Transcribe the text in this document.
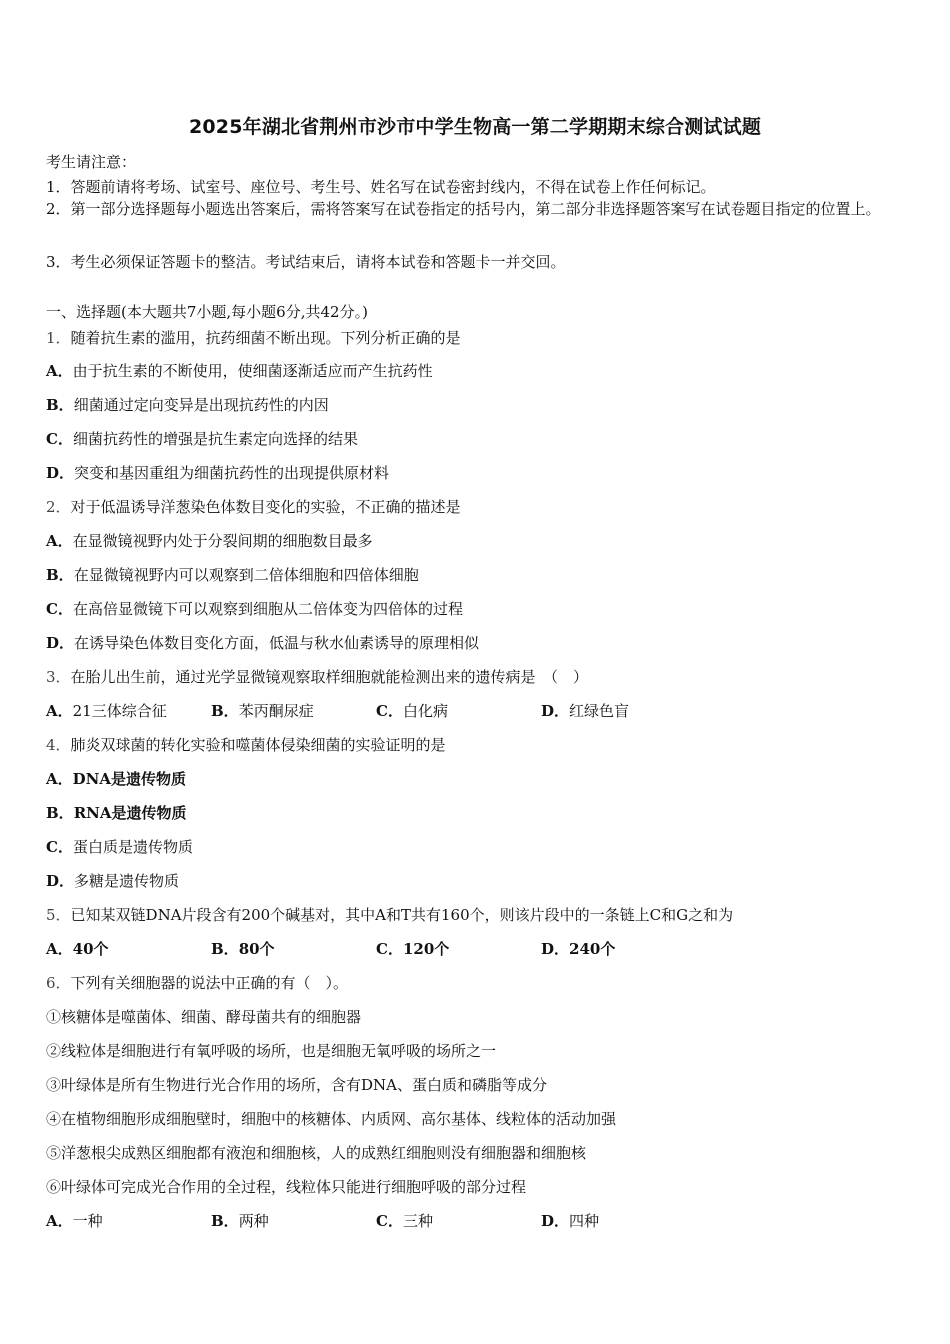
2025年湖北省荆州市沙市中学生物高一第二学期期末综合测试试题
考生请注意：
1．答题前请将考场、试室号、座位号、考生号、姓名写在试卷密封线内，不得在试卷上作任何标记。
2．第一部分选择题每小题选出答案后，需将答案写在试卷指定的括号内，第二部分非选择题答案写在试卷题目指定的位置上。
3．考生必须保证答题卡的整洁。考试结束后，请将本试卷和答题卡一并交回。
一、选择题(本大题共7小题,每小题6分,共42分。)
1．随着抗生素的滥用，抗药细菌不断出现。下列分析正确的是
A．由于抗生素的不断使用，使细菌逐渐适应而产生抗药性
B．细菌通过定向变异是出现抗药性的内因
C．细菌抗药性的增强是抗生素定向选择的结果
D．突变和基因重组为细菌抗药性的出现提供原材料
2．对于低温诱导洋葱染色体数目变化的实验，不正确的描述是
A．在显微镜视野内处于分裂间期的细胞数目最多
B．在显微镜视野内可以观察到二倍体细胞和四倍体细胞
C．在高倍显微镜下可以观察到细胞从二倍体变为四倍体的过程
D．在诱导染色体数目变化方面，低温与秋水仙素诱导的原理相似
3．在胎儿出生前，通过光学显微镜观察取样细胞就能检测出来的遗传病是　（　）
A．21三体综合征	B．苯丙酮尿症	C．白化病	D．红绿色盲
4．肺炎双球菌的转化实验和噬菌体侵染细菌的实验证明的是
A．DNA是遗传物质
B．RNA是遗传物质
C．蛋白质是遗传物质
D．多糖是遗传物质
5．已知某双链DNA片段含有200个碱基对，其中A和T共有160个，则该片段中的一条链上C和G之和为
A．40个	B．80个	C．120个	D．240个
6．下列有关细胞器的说法中正确的有（　）。
①核糖体是噬菌体、细菌、酵母菌共有的细胞器
②线粒体是细胞进行有氧呼吸的场所，也是细胞无氧呼吸的场所之一
③叶绿体是所有生物进行光合作用的场所，含有DNA、蛋白质和磷脂等成分
④在植物细胞形成细胞壁时，细胞中的核糖体、内质网、高尔基体、线粒体的活动加强
⑤洋葱根尖成熟区细胞都有液泡和细胞核，人的成熟红细胞则没有细胞器和细胞核
⑥叶绿体可完成光合作用的全过程，线粒体只能进行细胞呼吸的部分过程
A．一种	B．两种	C．三种	D．四种
